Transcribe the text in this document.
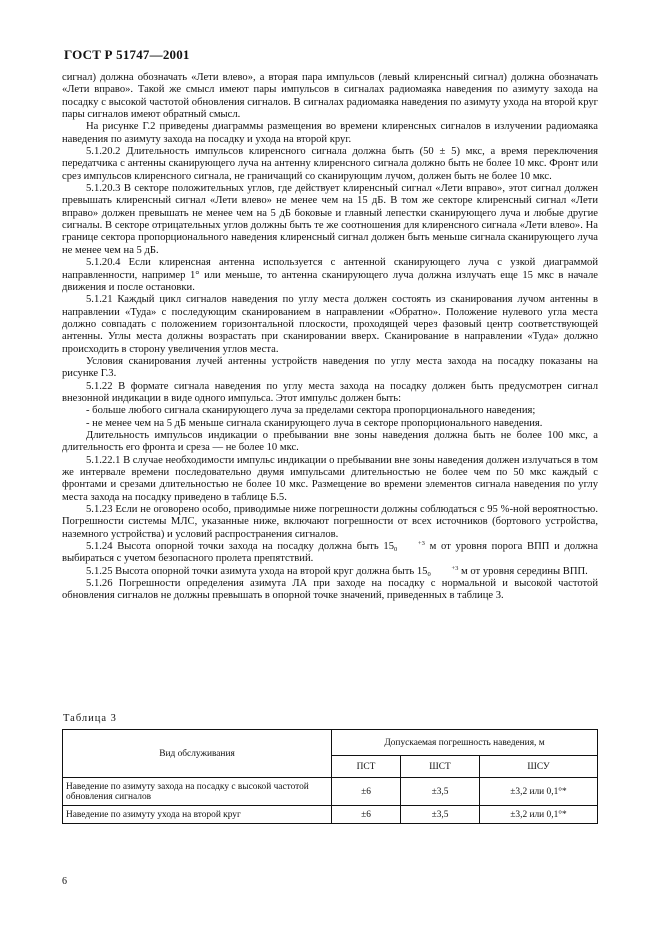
ГОСТ Р 51747—2001

сигнал) должна обозначать «Лети влево», а вторая пара импульсов (левый клиренсный сигнал) должна обозначать «Лети вправо». Такой же смысл имеют пары импульсов в сигналах радиомаяка наведения по азимуту захода на посадку с высокой частотой обновления сигналов. В сигналах радиомаяка наведения по азимуту ухода на второй круг пары сигналов имеют обратный смысл.

На рисунке Г.2 приведены диаграммы размещения во времени клиренсных сигналов в излучении радиомаяка наведения по азимуту захода на посадку и ухода на второй круг.

5.1.20.2 Длительность импульсов клиренсного сигнала должна быть (50 ± 5) мкс, а время переключения передатчика с антенны сканирующего луча на антенну клиренсного сигнала должно быть не более 10 мкс. Фронт или срез импульсов клиренсного сигнала, не граничащий со сканирующим лучом, должен быть не более 10 мкс.

5.1.20.3 В секторе положительных углов, где действует клиренсный сигнал «Лети вправо», этот сигнал должен превышать клиренсный сигнал «Лети влево» не менее чем на 15 дБ. В том же секторе клиренсный сигнал «Лети вправо» должен превышать не менее чем на 5 дБ боковые и главный лепестки сканирующего луча и любые другие сигналы. В секторе отрицательных углов должны быть те же соотношения для клиренсного сигнала «Лети влево». На границе сектора пропорционального наведения клиренсный сигнал должен быть меньше сигнала сканирующего луча не менее чем на 5 дБ.

5.1.20.4 Если клиренсная антенна используется с антенной сканирующего луча с узкой диаграммой направленности, например 1° или меньше, то антенна сканирующего луча должна излучать еще 15 мкс в начале движения и после остановки.

5.1.21 Каждый цикл сигналов наведения по углу места должен состоять из сканирования лучом антенны в направлении «Туда» с последующим сканированием в направлении «Обратно». Положение нулевого угла места должно совпадать с положением горизонтальной плоскости, проходящей через фазовый центр соответствующей антенны. Углы места должны возрастать при сканировании вверх. Сканирование в направлении «Туда» должно происходить в сторону увеличения углов места.

Условия сканирования лучей антенны устройств наведения по углу места захода на посадку показаны на рисунке Г.3.

5.1.22 В формате сигнала наведения по углу места захода на посадку должен быть предусмотрен сигнал внезонной индикации в виде одного импульса. Этот импульс должен быть:

- больше любого сигнала сканирующего луча за пределами сектора пропорционального наведения;

- не менее чем на 5 дБ меньше сигнала сканирующего луча в секторе пропорционального наведения.

Длительность импульсов индикации о пребывании вне зоны наведения должна быть не более 100 мкс, а длительность его фронта и среза — не более 10 мкс.

5.1.22.1 В случае необходимости импульс индикации о пребывании вне зоны наведения должен излучаться в том же интервале времени последовательно двумя импульсами длительностью не более чем по 50 мкс каждый с фронтами и срезами длительностью не более 10 мкс. Размещение во времени элементов сигнала наведения по углу места захода на посадку приведено в таблице Б.5.

5.1.23 Если не оговорено особо, приводимые ниже погрешности должны соблюдаться с 95 %-ной вероятностью. Погрешности системы МЛС, указанные ниже, включают погрешности от всех источников (бортового устройства, наземного устройства) и условий распространения сигналов.

5.1.24 Высота опорной точки захода на посадку должна быть 15	+3
0	м от уровня порога ВПП и должна выбираться с учетом безопасного пролета препятствий.

5.1.25 Высота опорной точки азимута ухода на второй круг должна быть 15	+3
0	м от уровня середины ВПП.

5.1.26 Погрешности определения азимута ЛА при заходе на посадку с нормальной и высокой частотой обновления сигналов не должны превышать в опорной точке значений, приведенных в таблице 3.

Таблица 3
Вид обслуживания	Допускаемая погрешность наведения, м		
	ПСТ	ШСТ	ШСУ
Наведение по азимуту захода на посадку с высокой частотой обновления сигналов	±6	±3,5	±3,2 или 0,1°*
Наведение по азимуту ухода на второй круг	±6	±3,5	±3,2 или 0,1°*
6
